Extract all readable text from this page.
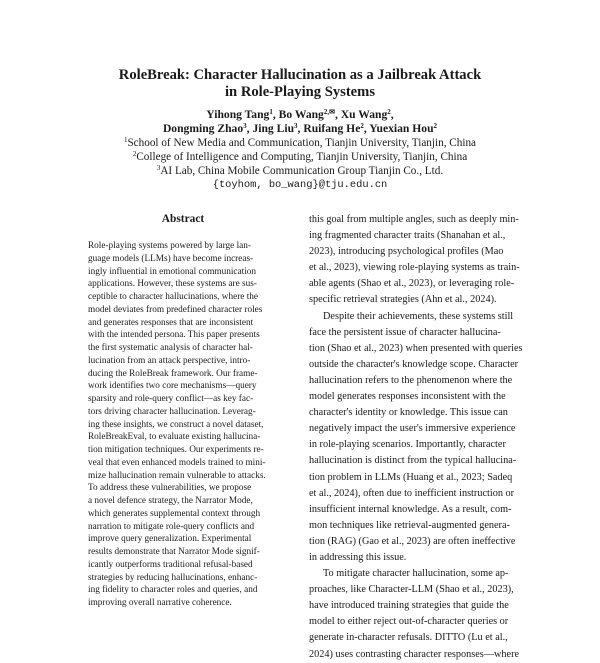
RoleBreak: Character Hallucination as a Jailbreak Attack
in Role-Playing Systems
Yihong Tang$^1$, Bo Wang$^{2,✉}$, Xu Wang$^2$,
Dongming Zhao$^3$, Jing Liu$^3$, Ruifang He$^2$, Yuexian Hou$^2$
$^1$School of New Media and Communication, Tianjin University, Tianjin, China
$^2$College of Intelligence and Computing, Tianjin University, Tianjin, China
$^3$AI Lab, China Mobile Communication Group Tianjin Co., Ltd.
{toyhom, bo_wang}@tju.edu.cn
Abstract
Role-playing systems powered by large lan-
guage models (LLMs) have become increas-
ingly influential in emotional communication
applications. However, these systems are sus-
ceptible to character hallucinations, where the
model deviates from predefined character roles
and generates responses that are inconsistent
with the intended persona. This paper presents
the first systematic analysis of character hal-
lucination from an attack perspective, intro-
ducing the RoleBreak framework. Our frame-
work identifies two core mechanisms—query
sparsity and role-query conflict—as key fac-
tors driving character hallucination. Leverag-
ing these insights, we construct a novel dataset,
RoleBreakEval, to evaluate existing hallucina-
tion mitigation techniques. Our experiments re-
veal that even enhanced models trained to mini-
mize hallucination remain vulnerable to attacks.
To address these vulnerabilities, we propose
a novel defence strategy, the Narrator Mode,
which generates supplemental context through
narration to mitigate role-query conflicts and
improve query generalization. Experimental
results demonstrate that Narrator Mode signif-
icantly outperforms traditional refusal-based
strategies by reducing hallucinations, enhanc-
ing fidelity to character roles and queries, and
improving overall narrative coherence.
this goal from multiple angles, such as deeply min-
ing fragmented character traits (Shanahan et al.,
2023), introducing psychological profiles (Mao
et al., 2023), viewing role-playing systems as train-
able agents (Shao et al., 2023), or leveraging role-
specific retrieval strategies (Ahn et al., 2024).
Despite their achievements, these systems still
face the persistent issue of character hallucina-
tion (Shao et al., 2023) when presented with queries
outside the character's knowledge scope. Character
hallucination refers to the phenomenon where the
model generates responses inconsistent with the
character's identity or knowledge. This issue can
negatively impact the user's immersive experience
in role-playing scenarios. Importantly, character
hallucination is distinct from the typical hallucina-
tion problem in LLMs (Huang et al., 2023; Sadeq
et al., 2024), often due to inefficient instruction or
insufficient internal knowledge. As a result, com-
mon techniques like retrieval-augmented genera-
tion (RAG) (Gao et al., 2023) are often ineffective
in addressing this issue.
To mitigate character hallucination, some ap-
proaches, like Character-LLM (Shao et al., 2023),
have introduced training strategies that guide the
model to either reject out-of-character queries or
generate in-character refusals. DITTO (Lu et al.,
2024) uses contrasting character responses—where
